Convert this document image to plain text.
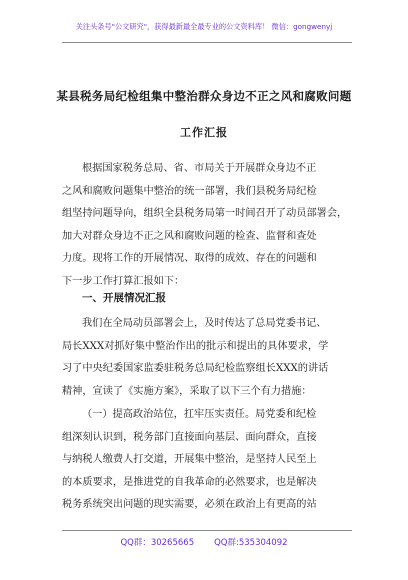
关注头条号"公文研究"，获得最新最全最专业的公文资料库！ 微信：gongwenyj
某县税务局纪检组集中整治群众身边不正之风和腐败问题
工作汇报
根据国家税务总局、省、市局关于开展群众身边不正
之风和腐败问题集中整治的统一部署，我们县税务局纪检
组坚持问题导向，组织全县税务局第一时间召开了动员部署会，
加大对群众身边不正之风和腐败问题的检查、监督和查处
力度。现将工作的开展情况、取得的成效、存在的问题和
下一步工作打算汇报如下：
一、开展情况汇报
我们在全局动员部署会上，及时传达了总局党委书记、
局长XXX对抓好集中整治作出的批示和提出的具体要求，学
习了中央纪委国家监委驻税务总局纪检监察组长XXX的讲话
精神，宣读了《实施方案》，采取了以下三个有力措施：
（一）提高政治站位，扛牢压实责任。局党委和纪检
组深刻认识到，税务部门直接面向基层、面向群众，直接
与纳税人缴费人打交道，开展集中整治，是坚持人民至上
的本质要求，是推进党的自我革命的必然要求，也是解决
税务系统突出问题的现实需要，必须在政治上有更高的站
QQ群：30265665 QQ群:535304092
